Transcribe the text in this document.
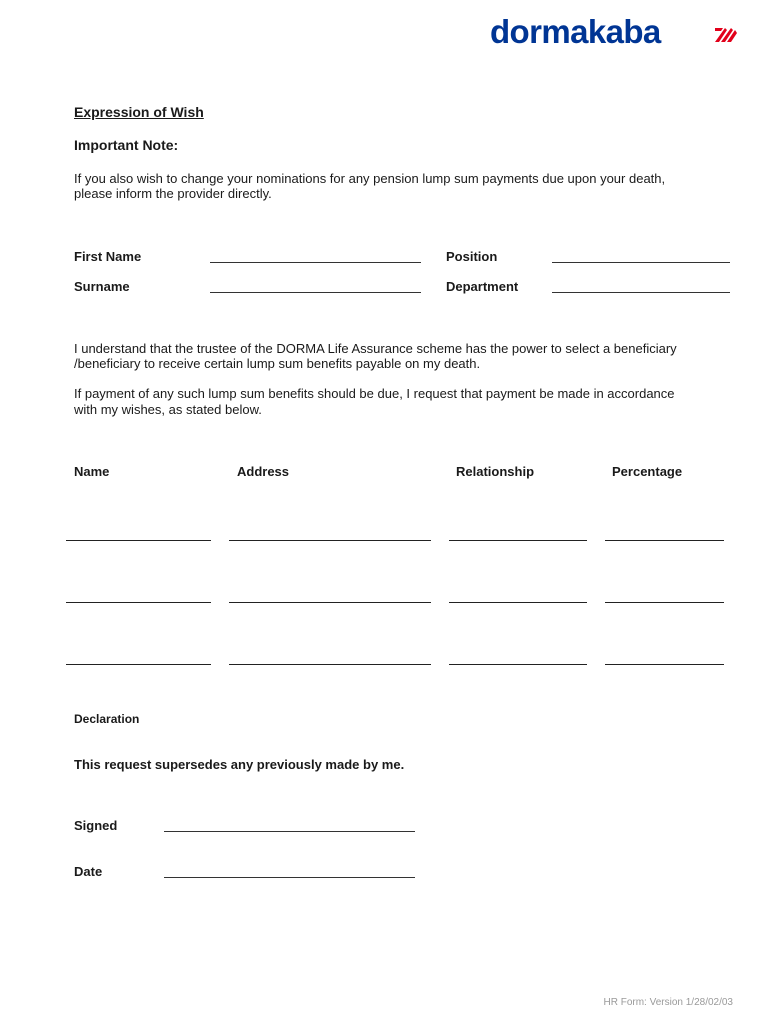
dormakaba
Expression of Wish
Important Note:
If you also wish to change your nominations for any pension lump sum payments due upon your death,
please inform the provider directly.
First Name	Position
Surname	Department
I understand that the trustee of the DORMA Life Assurance scheme has the power to select a beneficiary
/beneficiary to receive certain lump sum benefits payable on my death.
If payment of any such lump sum benefits should be due, I request that payment be made in accordance
with my wishes, as stated below.
Name	Address	Relationship	Percentage
Declaration
This request supersedes any previously made by me.
Signed
Date
HR Form: Version 1/28/02/03
